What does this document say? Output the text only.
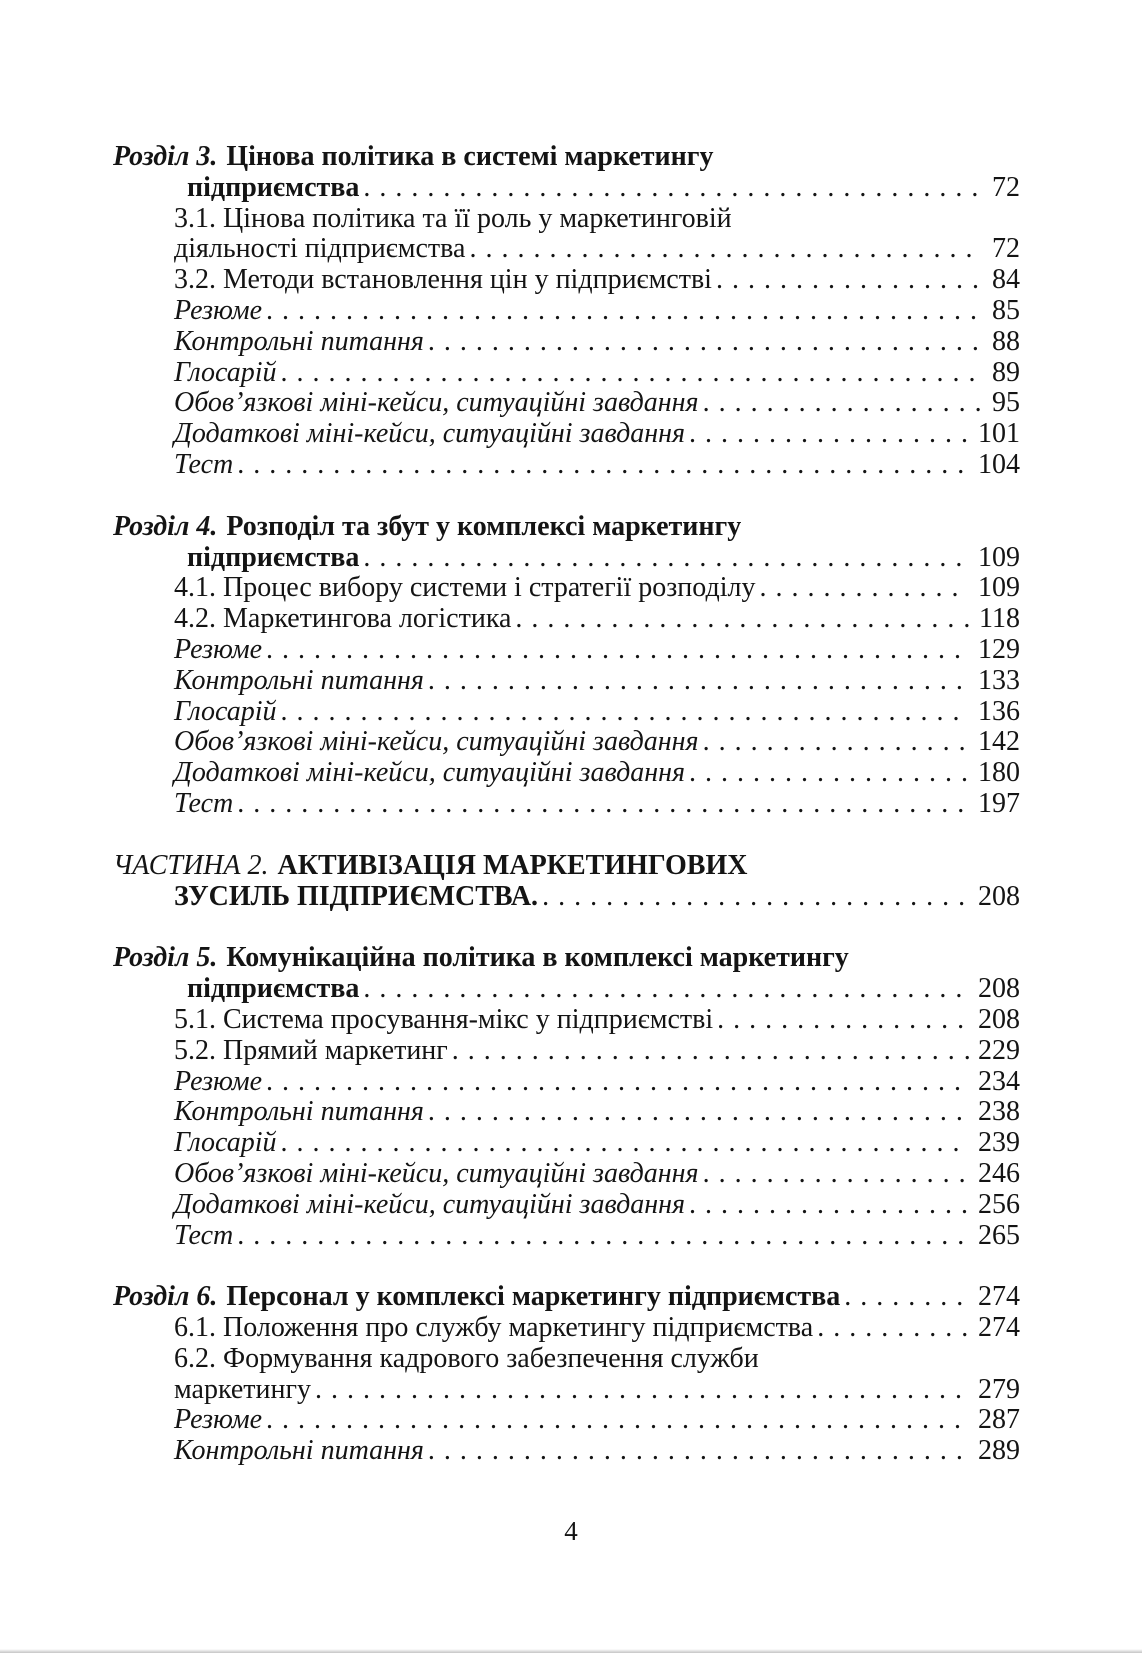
Розділ 3. Цінова політика в системі маркетингу
підприємства . . .	72
3.1. Цінова політика та її роль у маркетинговій
діяльності підприємства . . .	72
3.2. Методи встановлення цін у підприємстві . . .	84
Резюме . . .	85
Контрольні питання . . .	88
Глосарій . . .	89
Обов’язкові міні-кейси, ситуаційні завдання . . .	95
Додаткові міні-кейси, ситуаційні завдання . . .	101
Тест . . .	104
Розділ 4. Розподіл та збут у комплексі маркетингу
підприємства . . .	109
4.1. Процес вибору системи і стратегії розподілу . . .	109
4.2. Маркетингова логістика . . .	118
Резюме . . .	129
Контрольні питання . . .	133
Глосарій . . .	136
Обов’язкові міні-кейси, ситуаційні завдання . . .	142
Додаткові міні-кейси, ситуаційні завдання . . .	180
Тест . . .	197
ЧАСТИНА 2. АКТИВІЗАЦІЯ МАРКЕТИНГОВИХ
ЗУСИЛЬ ПІДПРИЄМСТВА. . . .	208
Розділ 5. Комунікаційна політика в комплексі маркетингу
підприємства . . .	208
5.1. Система просування-мікс у підприємстві . . .	208
5.2. Прямий маркетинг . . .	229
Резюме . . .	234
Контрольні питання . . .	238
Глосарій . . .	239
Обов’язкові міні-кейси, ситуаційні завдання . . .	246
Додаткові міні-кейси, ситуаційні завдання . . .	256
Тест . . .	265
Розділ 6. Персонал у комплексі маркетингу підприємства . . .	274
6.1. Положення про службу маркетингу підприємства . . .	274
6.2. Формування кадрового забезпечення служби
маркетингу . . .	279
Резюме . . .	287
Контрольні питання . . .	289
4
